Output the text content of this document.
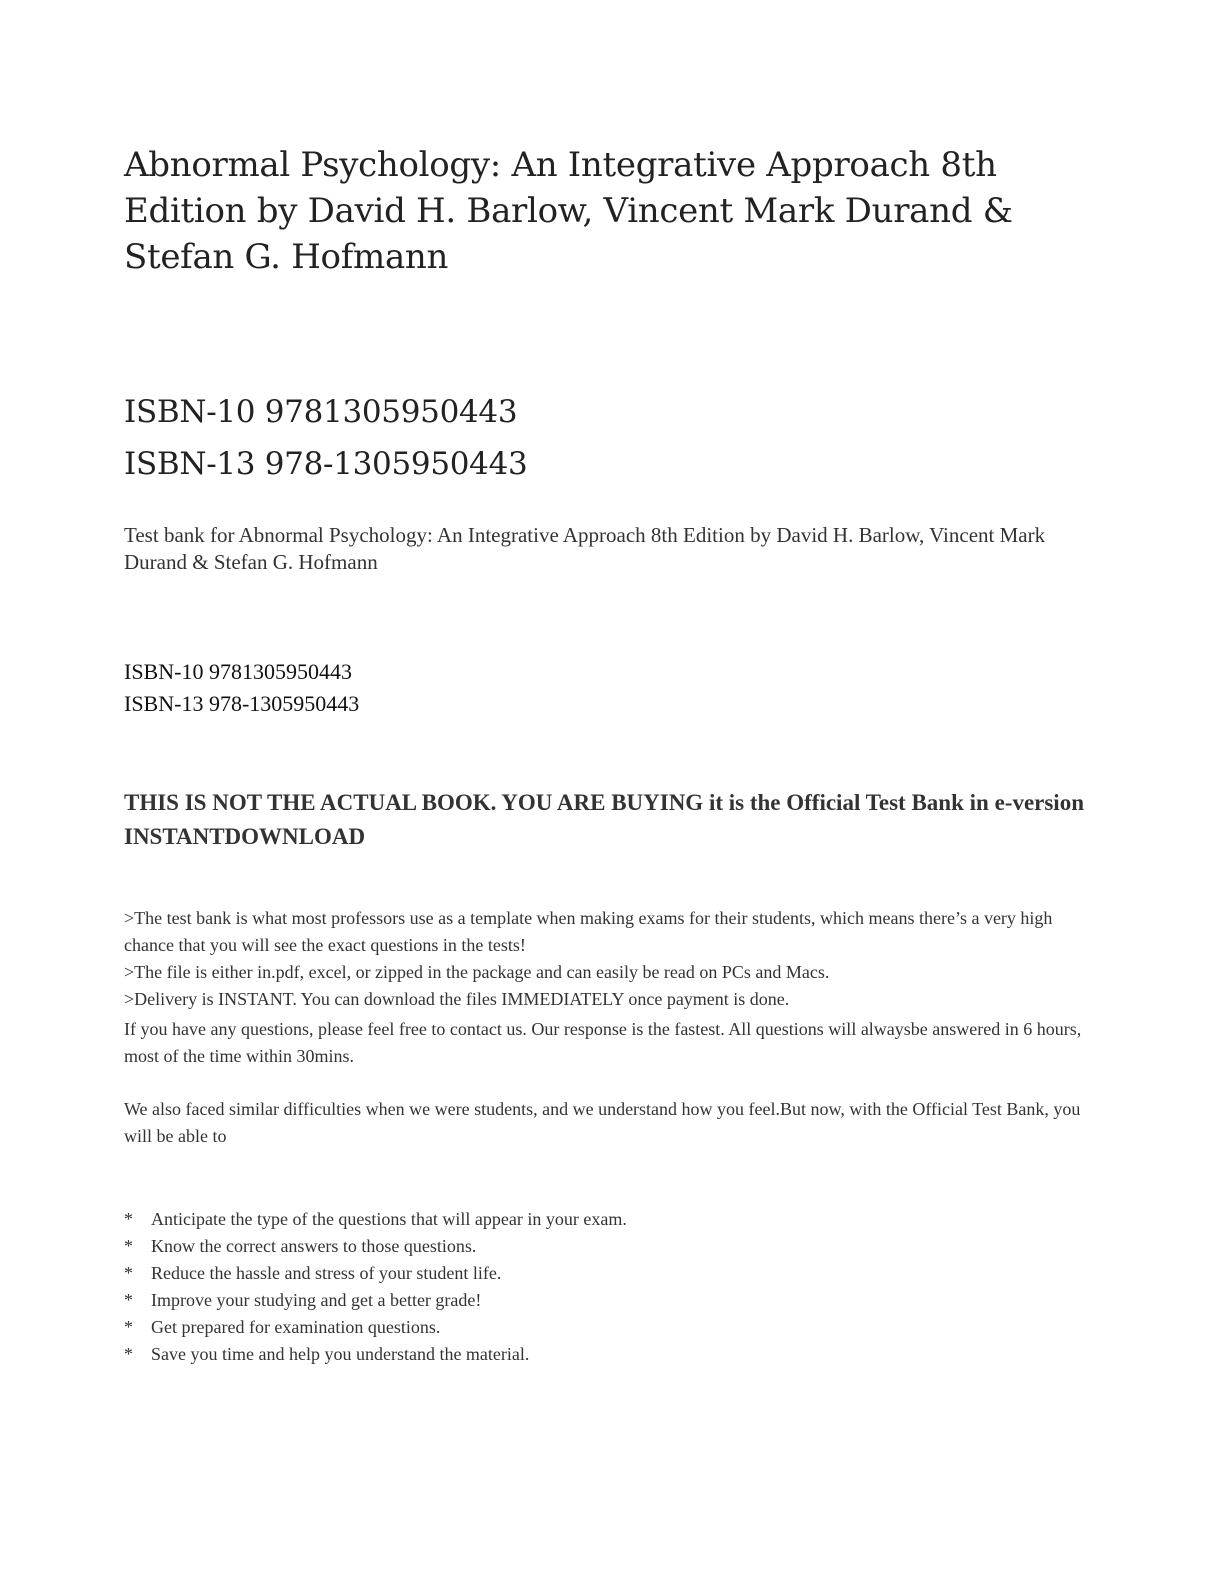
Abnormal Psychology: An Integrative Approach 8th Edition by David H. Barlow, Vincent Mark Durand & Stefan G. Hofmann
ISBN-10 9781305950443
ISBN-13 978-1305950443
Test bank for Abnormal Psychology: An Integrative Approach 8th Edition by David H. Barlow, Vincent Mark Durand & Stefan G. Hofmann
ISBN-10 9781305950443
ISBN-13 978-1305950443
THIS IS NOT THE ACTUAL BOOK. YOU ARE BUYING it is the Official Test Bank in e-version INSTANTDOWNLOAD

>The test bank is what most professors use as a template when making exams for their students, which means there’s a very high chance that you will see the exact questions in the tests!

>The file is either in.pdf, excel, or zipped in the package and can easily be read on PCs and Macs.

>Delivery is INSTANT. You can download the files IMMEDIATELY once payment is done.

If you have any questions, please feel free to contact us. Our response is the fastest. All questions will alwaysbe answered in 6 hours, most of the time within 30mins.

We also faced similar difficulties when we were students, and we understand how you feel.But now, with the Official Test Bank, you will be able to
*	Anticipate the type of the questions that will appear in your exam.
*	Know the correct answers to those questions.
*	Reduce the hassle and stress of your student life.
*	Improve your studying and get a better grade!
*	Get prepared for examination questions.
*	Save you time and help you understand the material.
